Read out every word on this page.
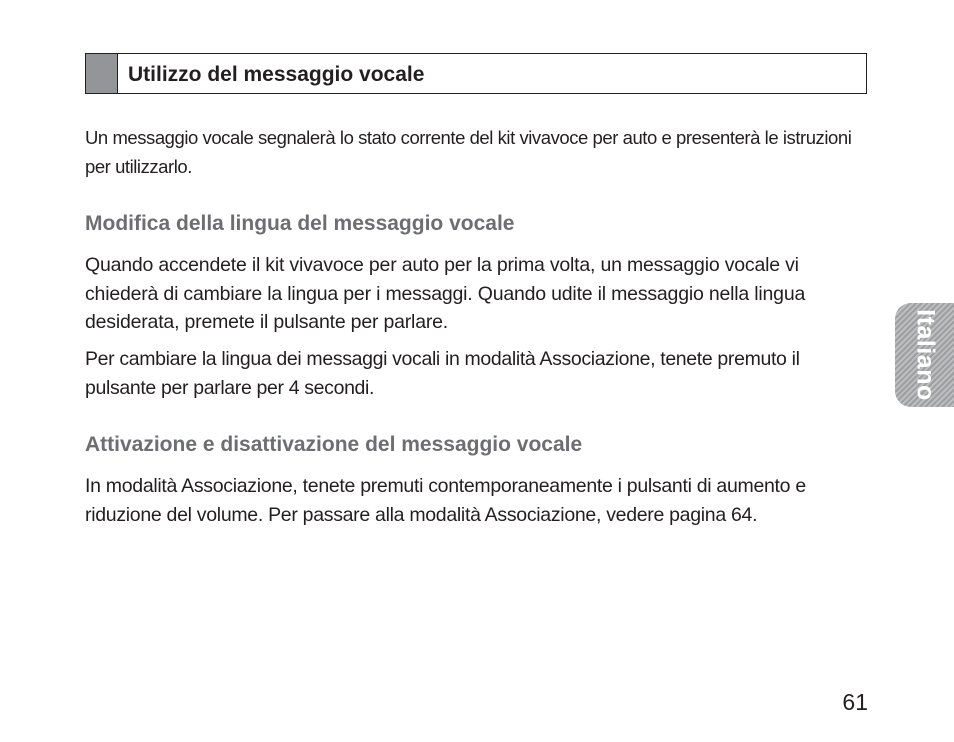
Utilizzo del messaggio vocale

Un messaggio vocale segnalerà lo stato corrente del kit vivavoce per auto e presenterà le istruzioni per utilizzarlo.

Modifica della lingua del messaggio vocale

Quando accendete il kit vivavoce per auto per la prima volta, un messaggio vocale vi chiederà di cambiare la lingua per i messaggi. Quando udite il messaggio nella lingua desiderata, premete il pulsante per parlare.

Per cambiare la lingua dei messaggi vocali in modalità Associazione, tenete premuto il pulsante per parlare per 4 secondi.

Attivazione e disattivazione del messaggio vocale

In modalità Associazione, tenete premuti contemporaneamente i pulsanti di aumento e riduzione del volume. Per passare alla modalità Associazione, vedere pagina 64.

Italiano
61
